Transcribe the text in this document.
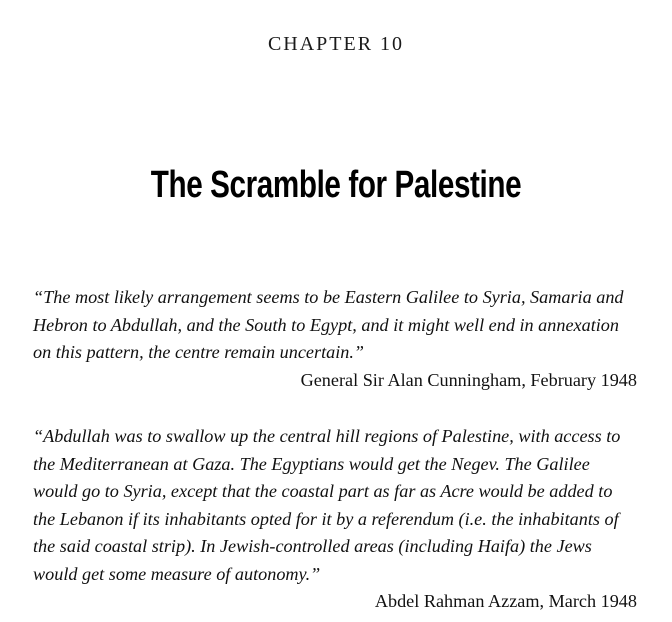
CHAPTER 10
The Scramble for Palestine

“The most likely arrangement seems to be Eastern Galilee to Syria, Samaria and Hebron to Abdullah, and the South to Egypt, and it might well end in annexation on this pattern, the centre remain uncertain.”

General Sir Alan Cunningham, February 1948

“Abdullah was to swallow up the central hill regions of Palestine, with access to the Mediterranean at Gaza. The Egyptians would get the Negev. The Galilee would go to Syria, except that the coastal part as far as Acre would be added to the Lebanon if its inhabitants opted for it by a referendum (i.e. the inhabitants of the said coastal strip). In Jewish-controlled areas (including Haifa) the Jews would get some measure of autonomy.”

Abdel Rahman Azzam, March 1948
